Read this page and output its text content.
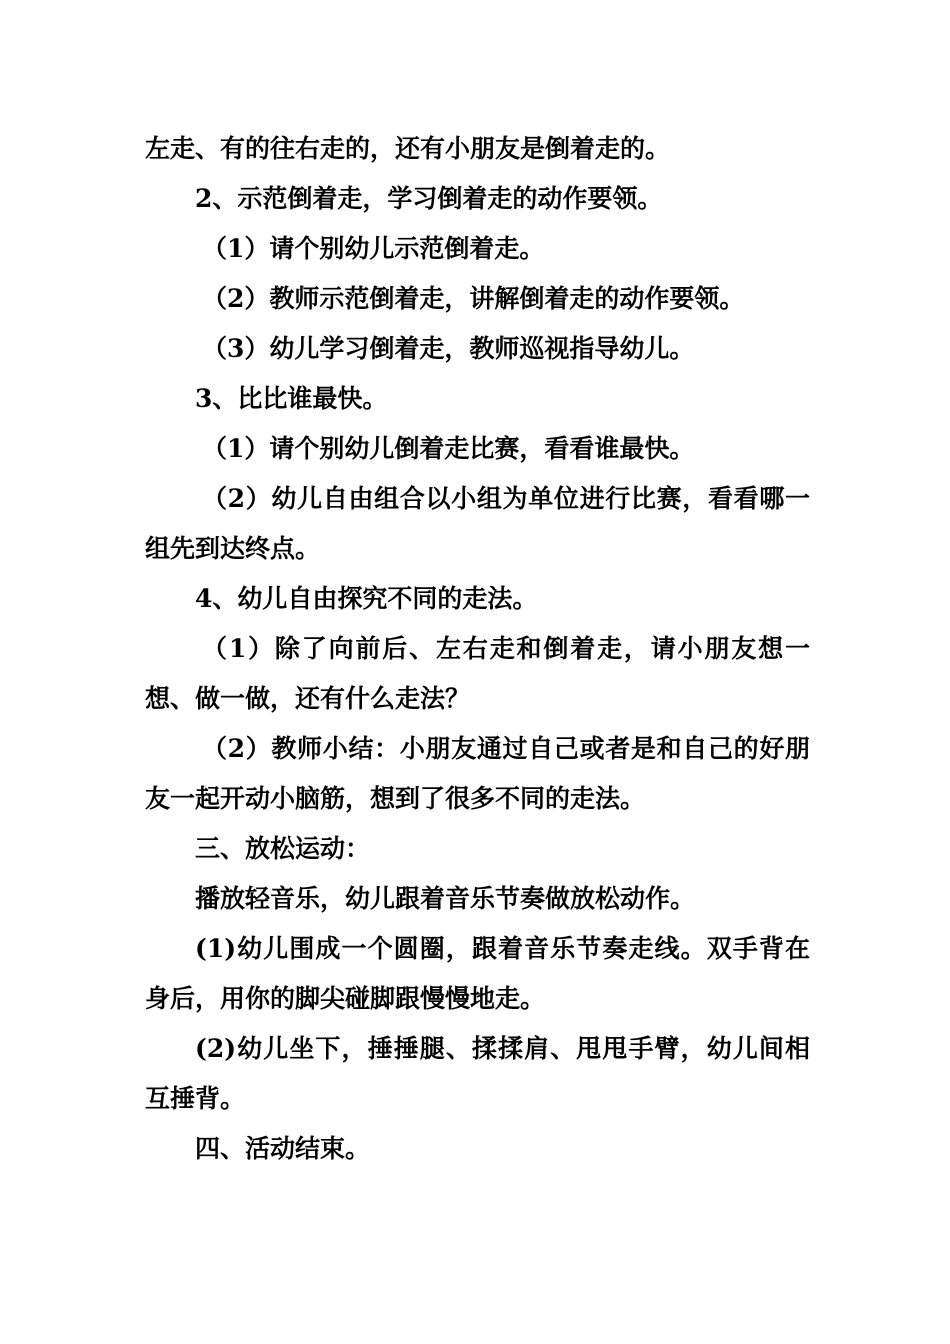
左走、有的往右走的，还有小朋友是倒着走的。

2、示范倒着走，学习倒着走的动作要领。

（1）请个别幼儿示范倒着走。

（2）教师示范倒着走，讲解倒着走的动作要领。

（3）幼儿学习倒着走，教师巡视指导幼儿。

3、比比谁最快。

（1）请个别幼儿倒着走比赛，看看谁最快。

（2）幼儿自由组合以小组为单位进行比赛，看看哪一组先到达终点。

4、幼儿自由探究不同的走法。

（1）除了向前后、左右走和倒着走，请小朋友想一想、做一做，还有什么走法？

（2）教师小结：小朋友通过自己或者是和自己的好朋友一起开动小脑筋，想到了很多不同的走法。

三、放松运动：

播放轻音乐，幼儿跟着音乐节奏做放松动作。

(1)幼儿围成一个圆圈，跟着音乐节奏走线。双手背在身后，用你的脚尖碰脚跟慢慢地走。

(2)幼儿坐下，捶捶腿、揉揉肩、甩甩手臂，幼儿间相互捶背。

四、活动结束。
